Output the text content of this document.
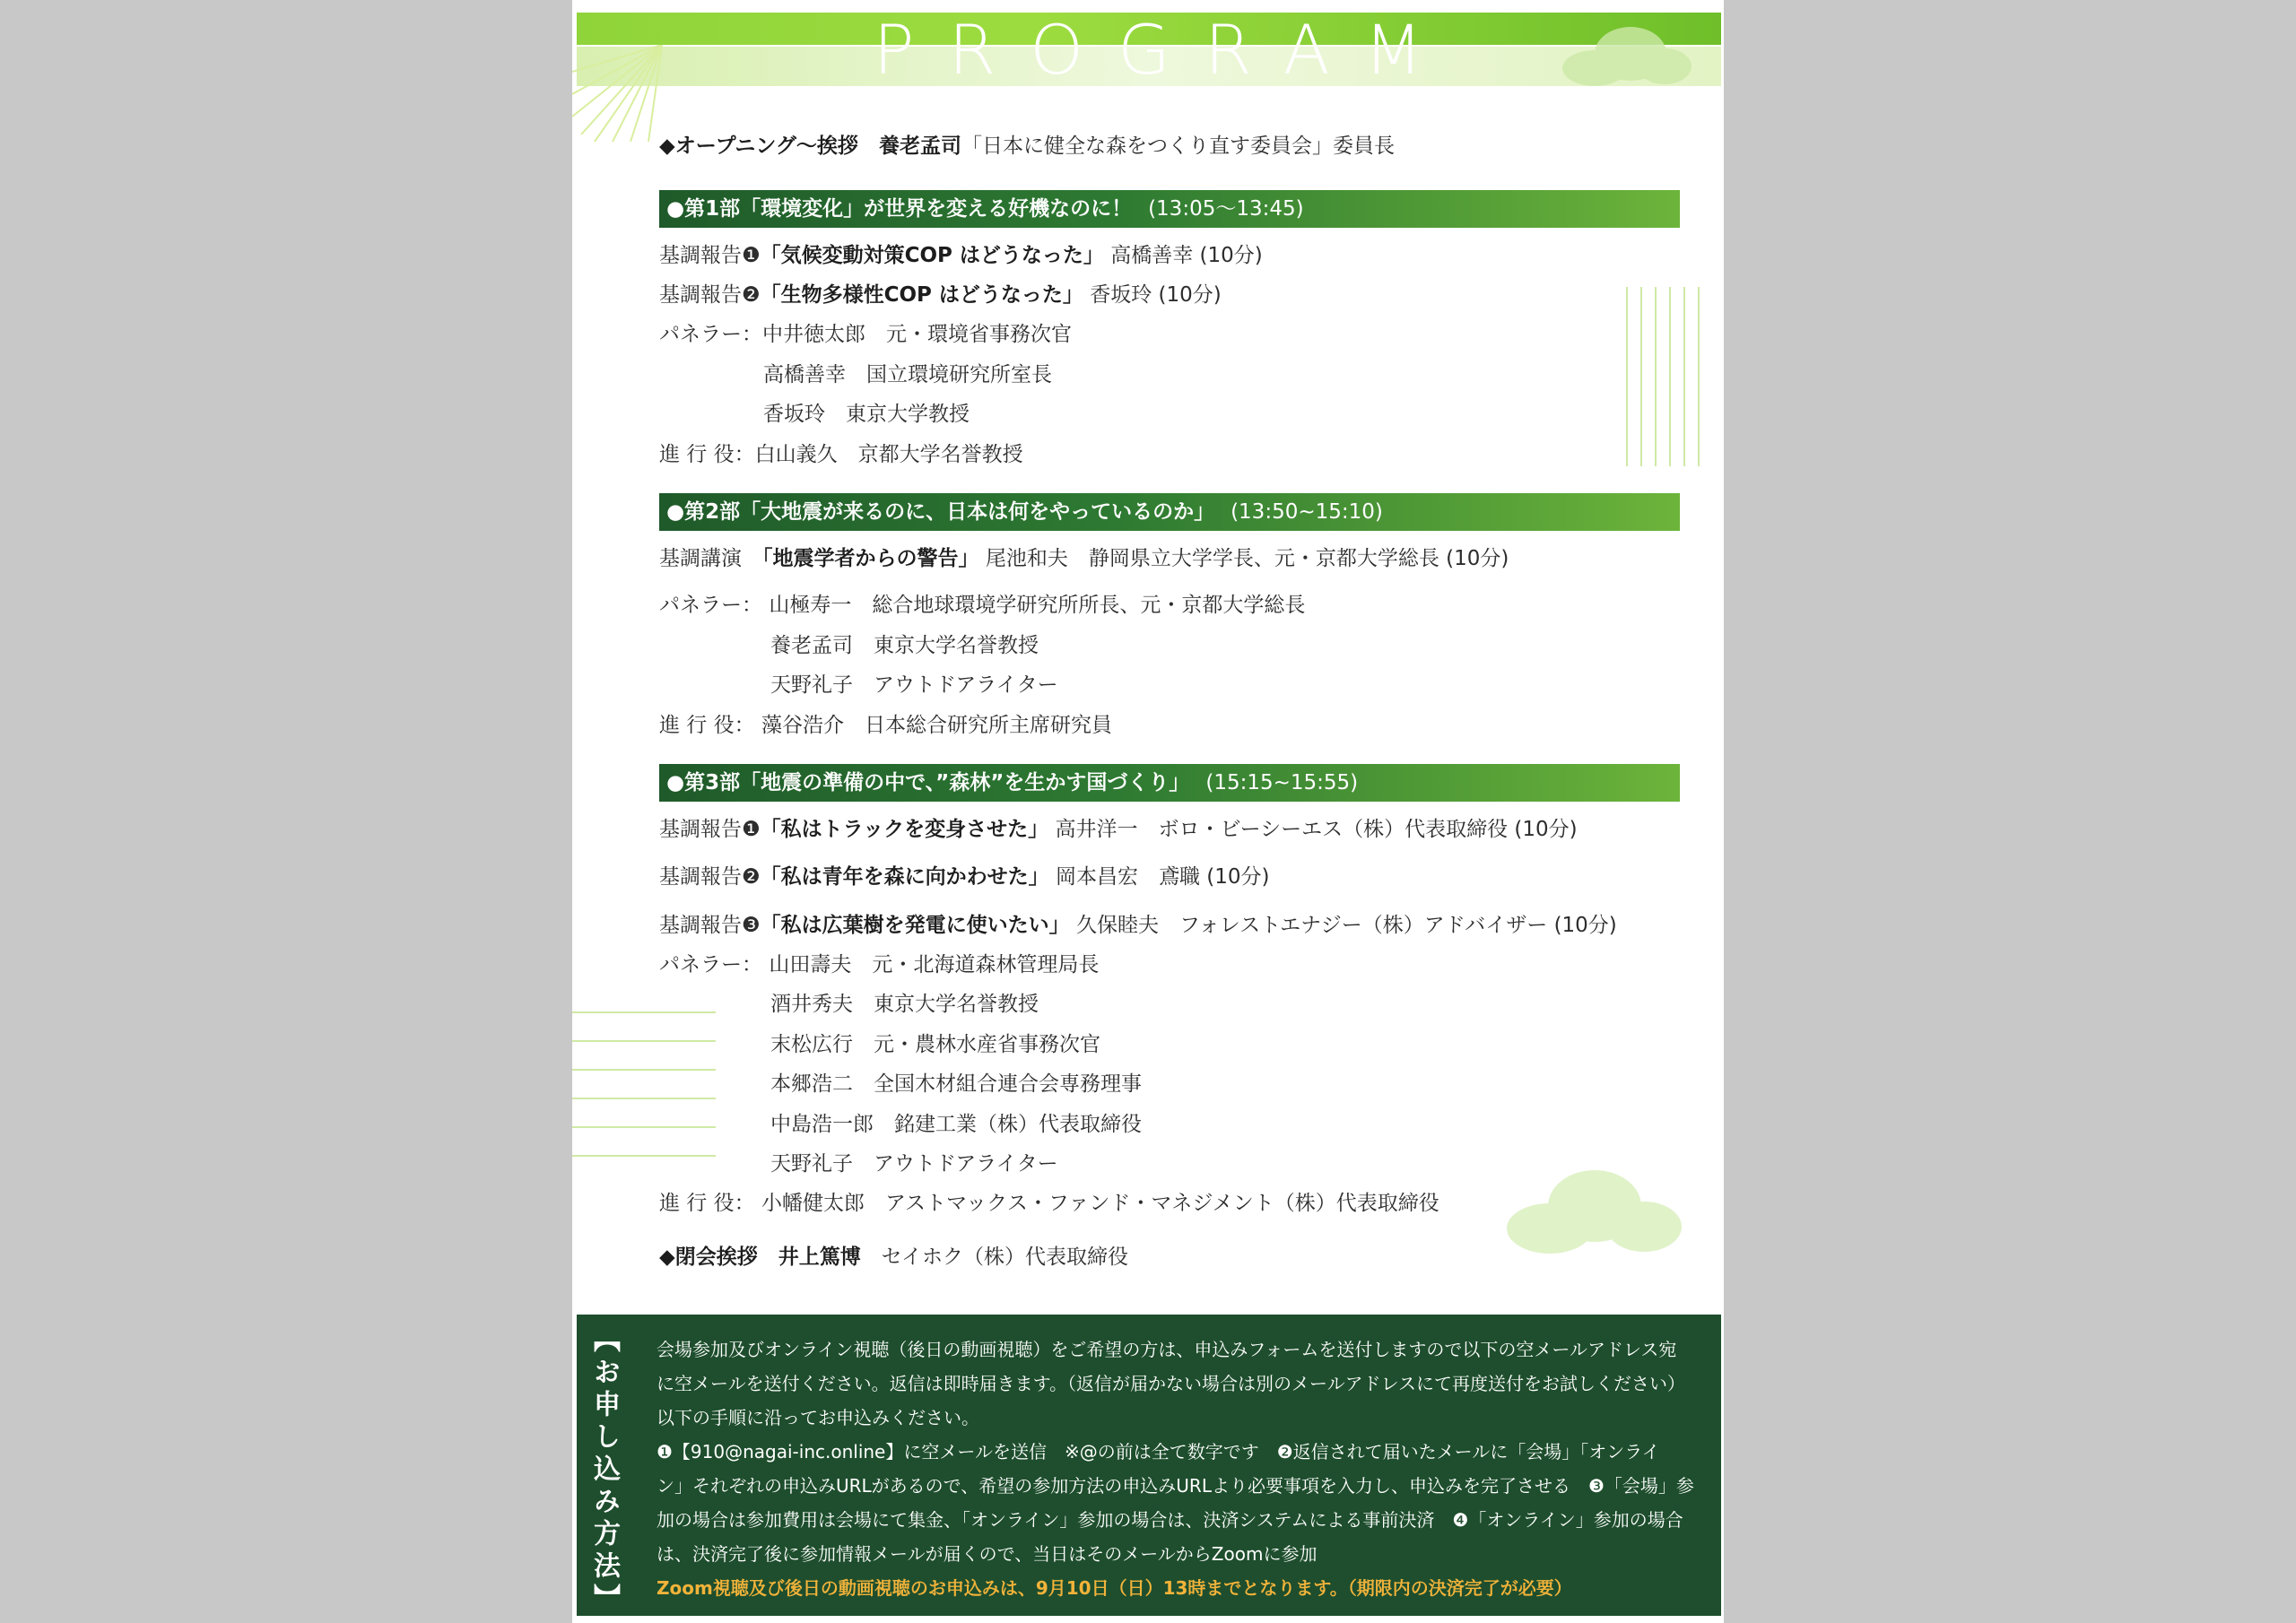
PROGRAM
◆オープニング〜挨拶　 養老孟司「日本に健全な森をつくり直す委員会」委員長
●第1部「環境変化」が世界を変える好機なのに！ (13:05〜13:45)
基調報告❶「気候変動対策COP はどうなった」 高橋善幸 (10分)
基調報告❷「生物多様性COP はどうなった」 香坂玲 (10分)
パネラー：中井徳太郎　元・環境省事務次官
高橋善幸　国立環境研究所室長
香坂玲　東京大学教授
進 行 役：白山義久　京都大学名誉教授
●第2部「大地震が来るのに、日本は何をやっているのか」 (13:50~15:10)
基調講演　 「地震学者からの警告」 尾池和夫　静岡県立大学学長、元・京都大学総長 (10分)
パネラー： 山極寿一　総合地球環境学研究所所長、元・京都大学総長
養老孟司　東京大学名誉教授
天野礼子　アウトドアライター
進 行 役： 藻谷浩介　日本総合研究所主席研究員
●第3部「地震の準備の中で、”森林”を生かす国づくり」 (15:15~15:55)
基調報告❶「私はトラックを変身させた」 高井洋一　ボロ・ビーシーエス（株）代表取締役 (10分)
基調報告❷「私は青年を森に向かわせた」 岡本昌宏　鳶職 (10分)
基調報告❸「私は広葉樹を発電に使いたい」 久保睦夫　フォレストエナジー（株）アドバイザー (10分)
パネラー： 山田壽夫　元・北海道森林管理局長
酒井秀夫　東京大学名誉教授
末松広行　元・農林水産省事務次官
本郷浩二　全国木材組合連合会専務理事
中島浩一郎　銘建工業（株）代表取締役
天野礼子　アウトドアライター
進 行 役： 小幡健太郎　アストマックス・ファンド・マネジメント（株）代表取締役
◆閉会挨拶　 井上篤博　 セイホク（株）代表取締役
【お申し込み方法】 会場参加及びオンライン視聴（後日の動画視聴）をご希望の方は、申込みフォームを送付しますので以下の空メールアドレス宛

に空メールを送付ください。返信は即時届きます。（返信が届かない場合は別のメールアドレスにて再度送付をお試しください）

以下の手順に沿ってお申込みください。

❶【910@nagai-inc.online】に空メールを送信　※@の前は全て数字です　❷返信されて届いたメールに「会場」「オンライ

ン」それぞれの申込みURLがあるので、希望の参加方法の申込みURLより必要事項を入力し、申込みを完了させる　❸「会場」参

加の場合は参加費用は会場にて集金、「オンライン」参加の場合は、決済システムによる事前決済　❹「オンライン」参加の場合

は、決済完了後に参加情報メールが届くので、当日はそのメールからZoomに参加

Zoom視聴及び後日の動画視聴のお申込みは、9月10日（日）13時までとなります。（期限内の決済完了が必要）
